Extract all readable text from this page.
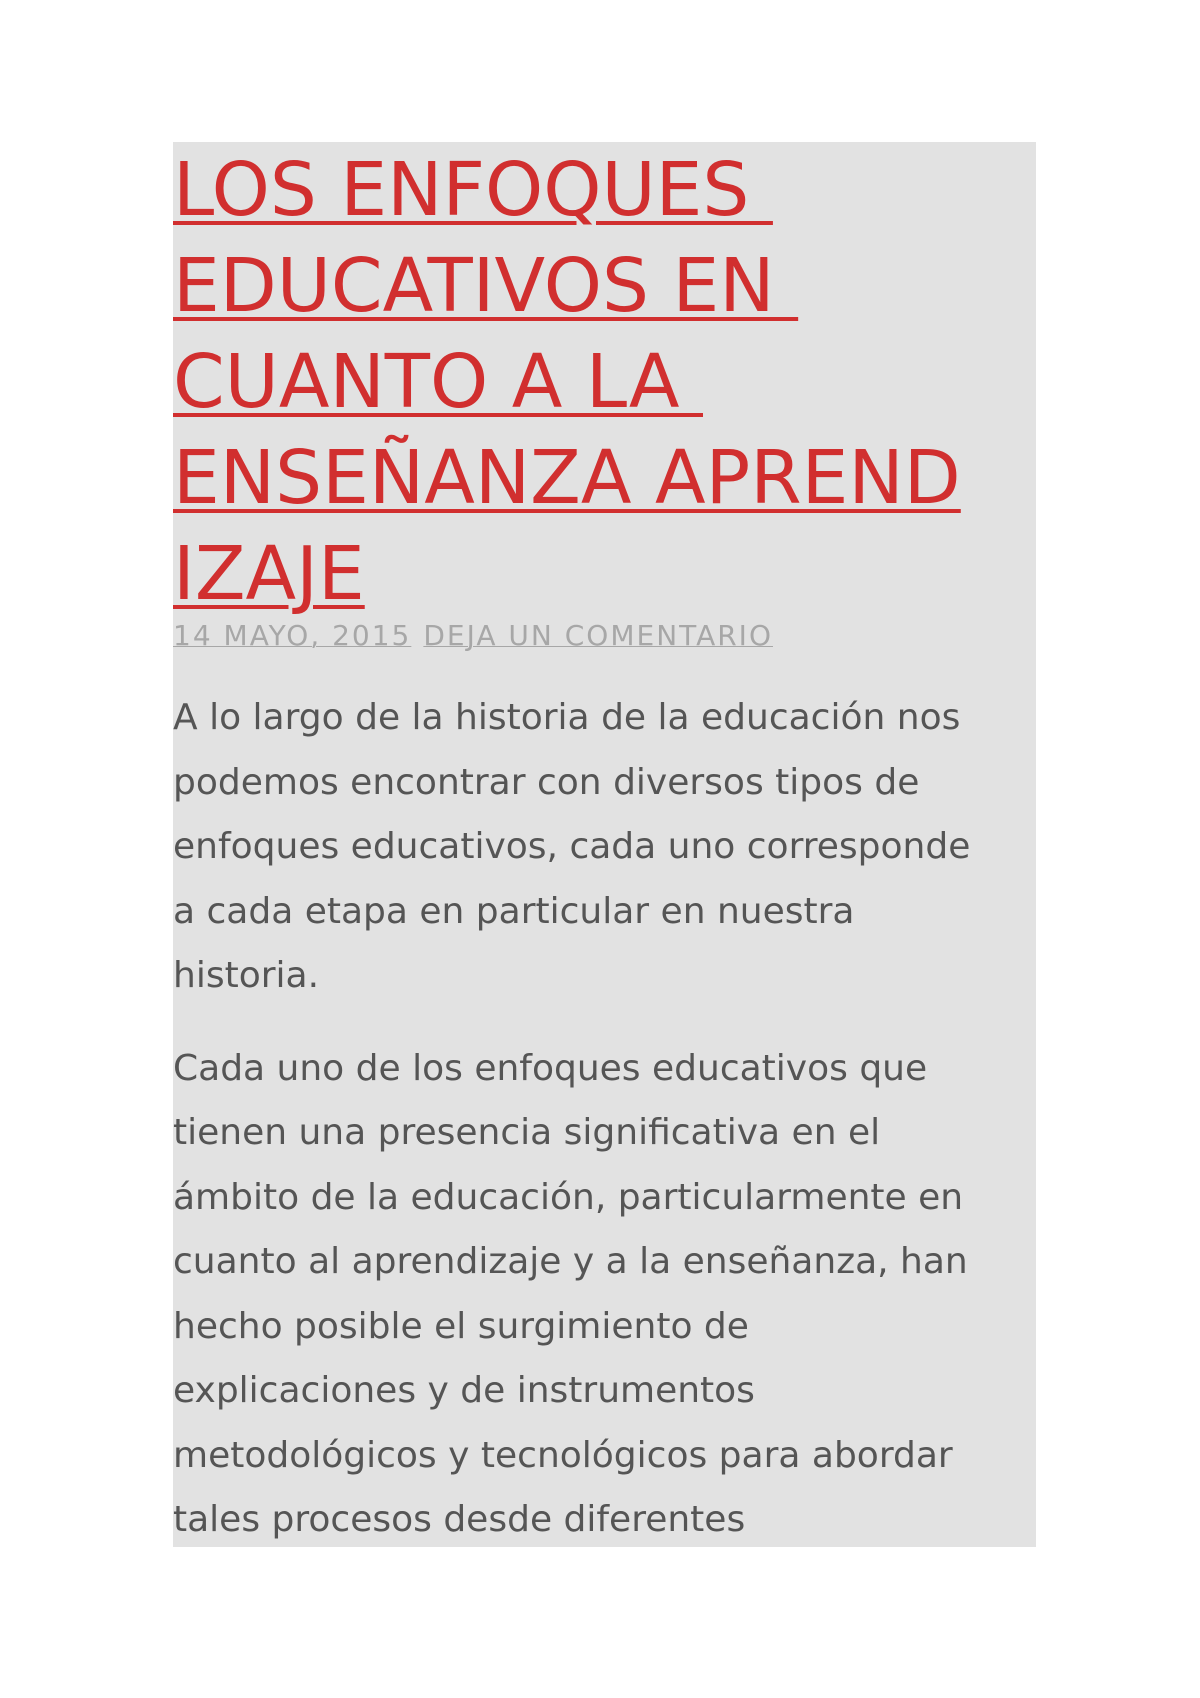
LOS ENFOQUES
EDUCATIVOS EN
CUANTO A LA
ENSEÑANZA APREND
IZAJE
14 MAYO, 2015 DEJA UN COMENTARIO

A lo largo de la historia de la educación nos
podemos encontrar con diversos tipos de
enfoques educativos, cada uno corresponde
a cada etapa en particular en nuestra
historia.

Cada uno de los enfoques educativos que
tienen una presencia significativa en el
ámbito de la educación, particularmente en
cuanto al aprendizaje y a la enseñanza, han
hecho posible el surgimiento de
explicaciones y de instrumentos
metodológicos y tecnológicos para abordar
tales procesos desde diferentes
